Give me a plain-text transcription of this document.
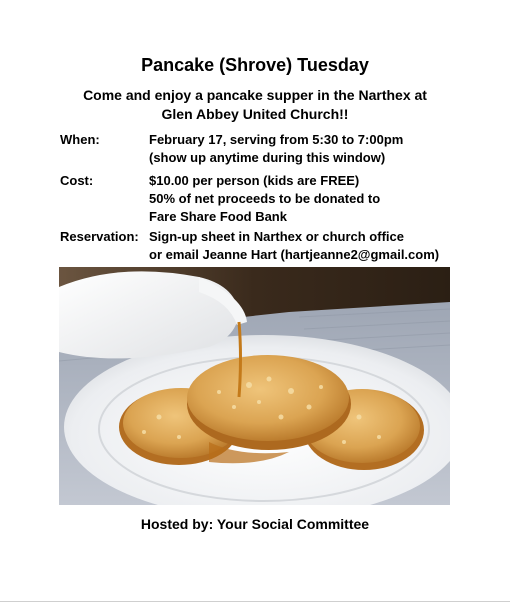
Pancake (Shrove) Tuesday
Come and enjoy a pancake supper in the Narthex at
Glen Abbey United Church!!
When:	February 17, serving from 5:30 to 7:00pm
(show up anytime during this window)
Cost:	$10.00 per person (kids are FREE)
50% of net proceeds to be donated to
Fare Share Food Bank
Reservation: Sign-up sheet in Narthex or church office
or email Jeanne Hart (hartjeanne2@gmail.com)
Hosted by: Your Social Committee
